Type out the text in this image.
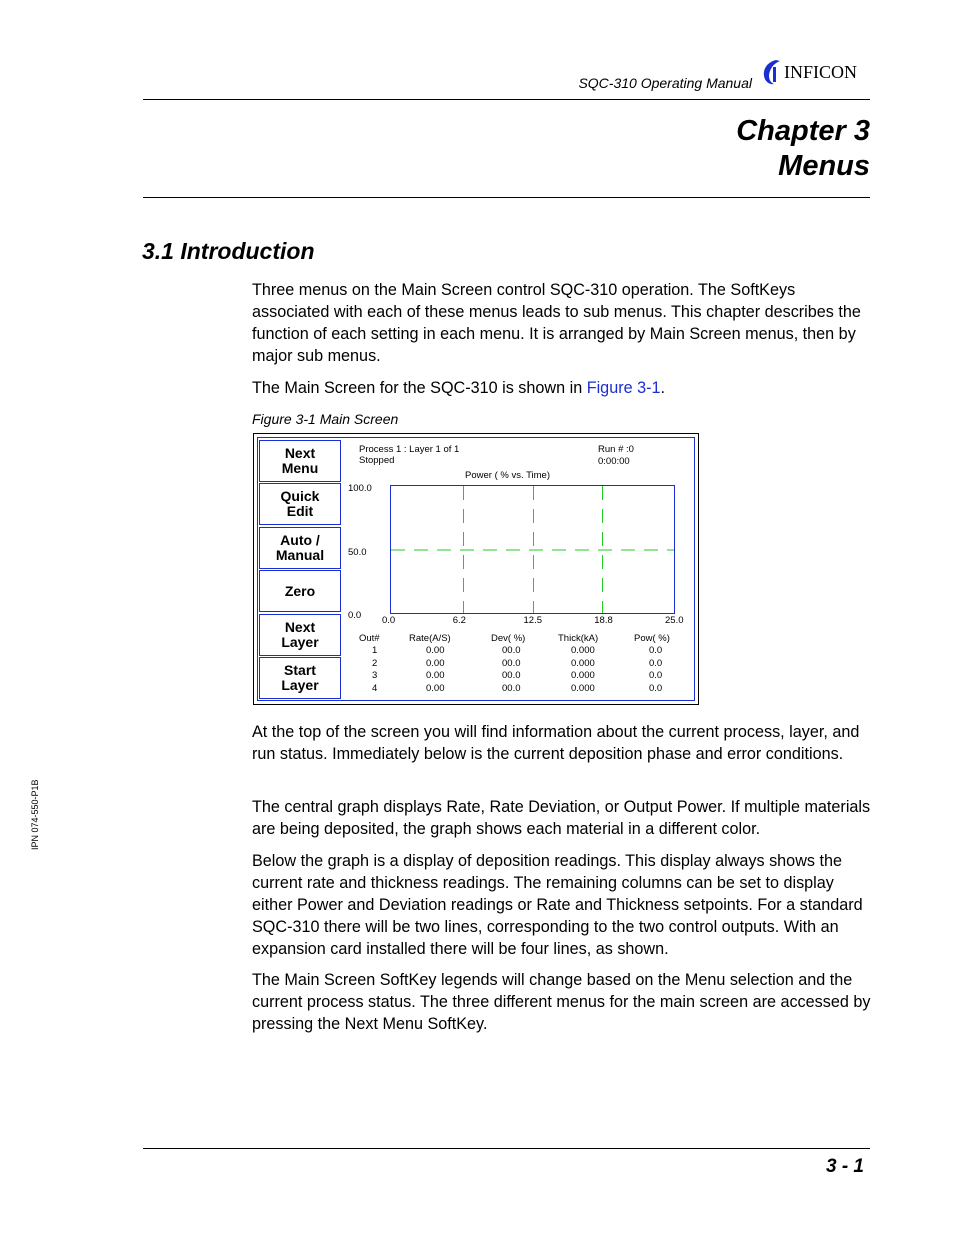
SQC-310 Operating Manual
INFICON
Chapter 3
Menus
3.1 Introduction

Three menus on the Main Screen control SQC-310 operation. The SoftKeys associated with each of these menus leads to sub menus. This chapter describes the function of each setting in each menu. It is arranged by Main Screen menus, then by major sub menus.

The Main Screen for the SQC-310 is shown in Figure 3-1.

Figure 3-1 Main Screen
Next
Menu
Quick
Edit
Auto /
Manual
Zero
Next
Layer
Start
Layer
Process 1 : Layer 1 of 1
Stopped
Run # :0
0:00:00
Power ( % vs. Time)
0.0	6.2	12.5	18.8	25.0
100.0
50.0
0.0
Out#	Rate(A/S)	Dev( %)	Thick(kA)	Pow( %)
1	0.00	00.0	0.000	0.0
2	0.00	00.0	0.000	0.0
3	0.00	00.0	0.000	0.0
4	0.00	00.0	0.000	0.0

At the top of the screen you will find information about the current process, layer, and run status. Immediately below is the current deposition phase and error conditions.

The central graph displays Rate, Rate Deviation, or Output Power. If multiple materials are being deposited, the graph shows each material in a different color.

Below the graph is a display of deposition readings. This display always shows the current rate and thickness readings. The remaining columns can be set to display either Power and Deviation readings or Rate and Thickness setpoints. For a standard SQC-310 there will be two lines, corresponding to the two control outputs. With an expansion card installed there will be four lines, as shown.

The Main Screen SoftKey legends will change based on the Menu selection and the current process status. The three different menus for the main screen are accessed by pressing the Next Menu SoftKey.

IPN 074-550-P1B
3 - 1
